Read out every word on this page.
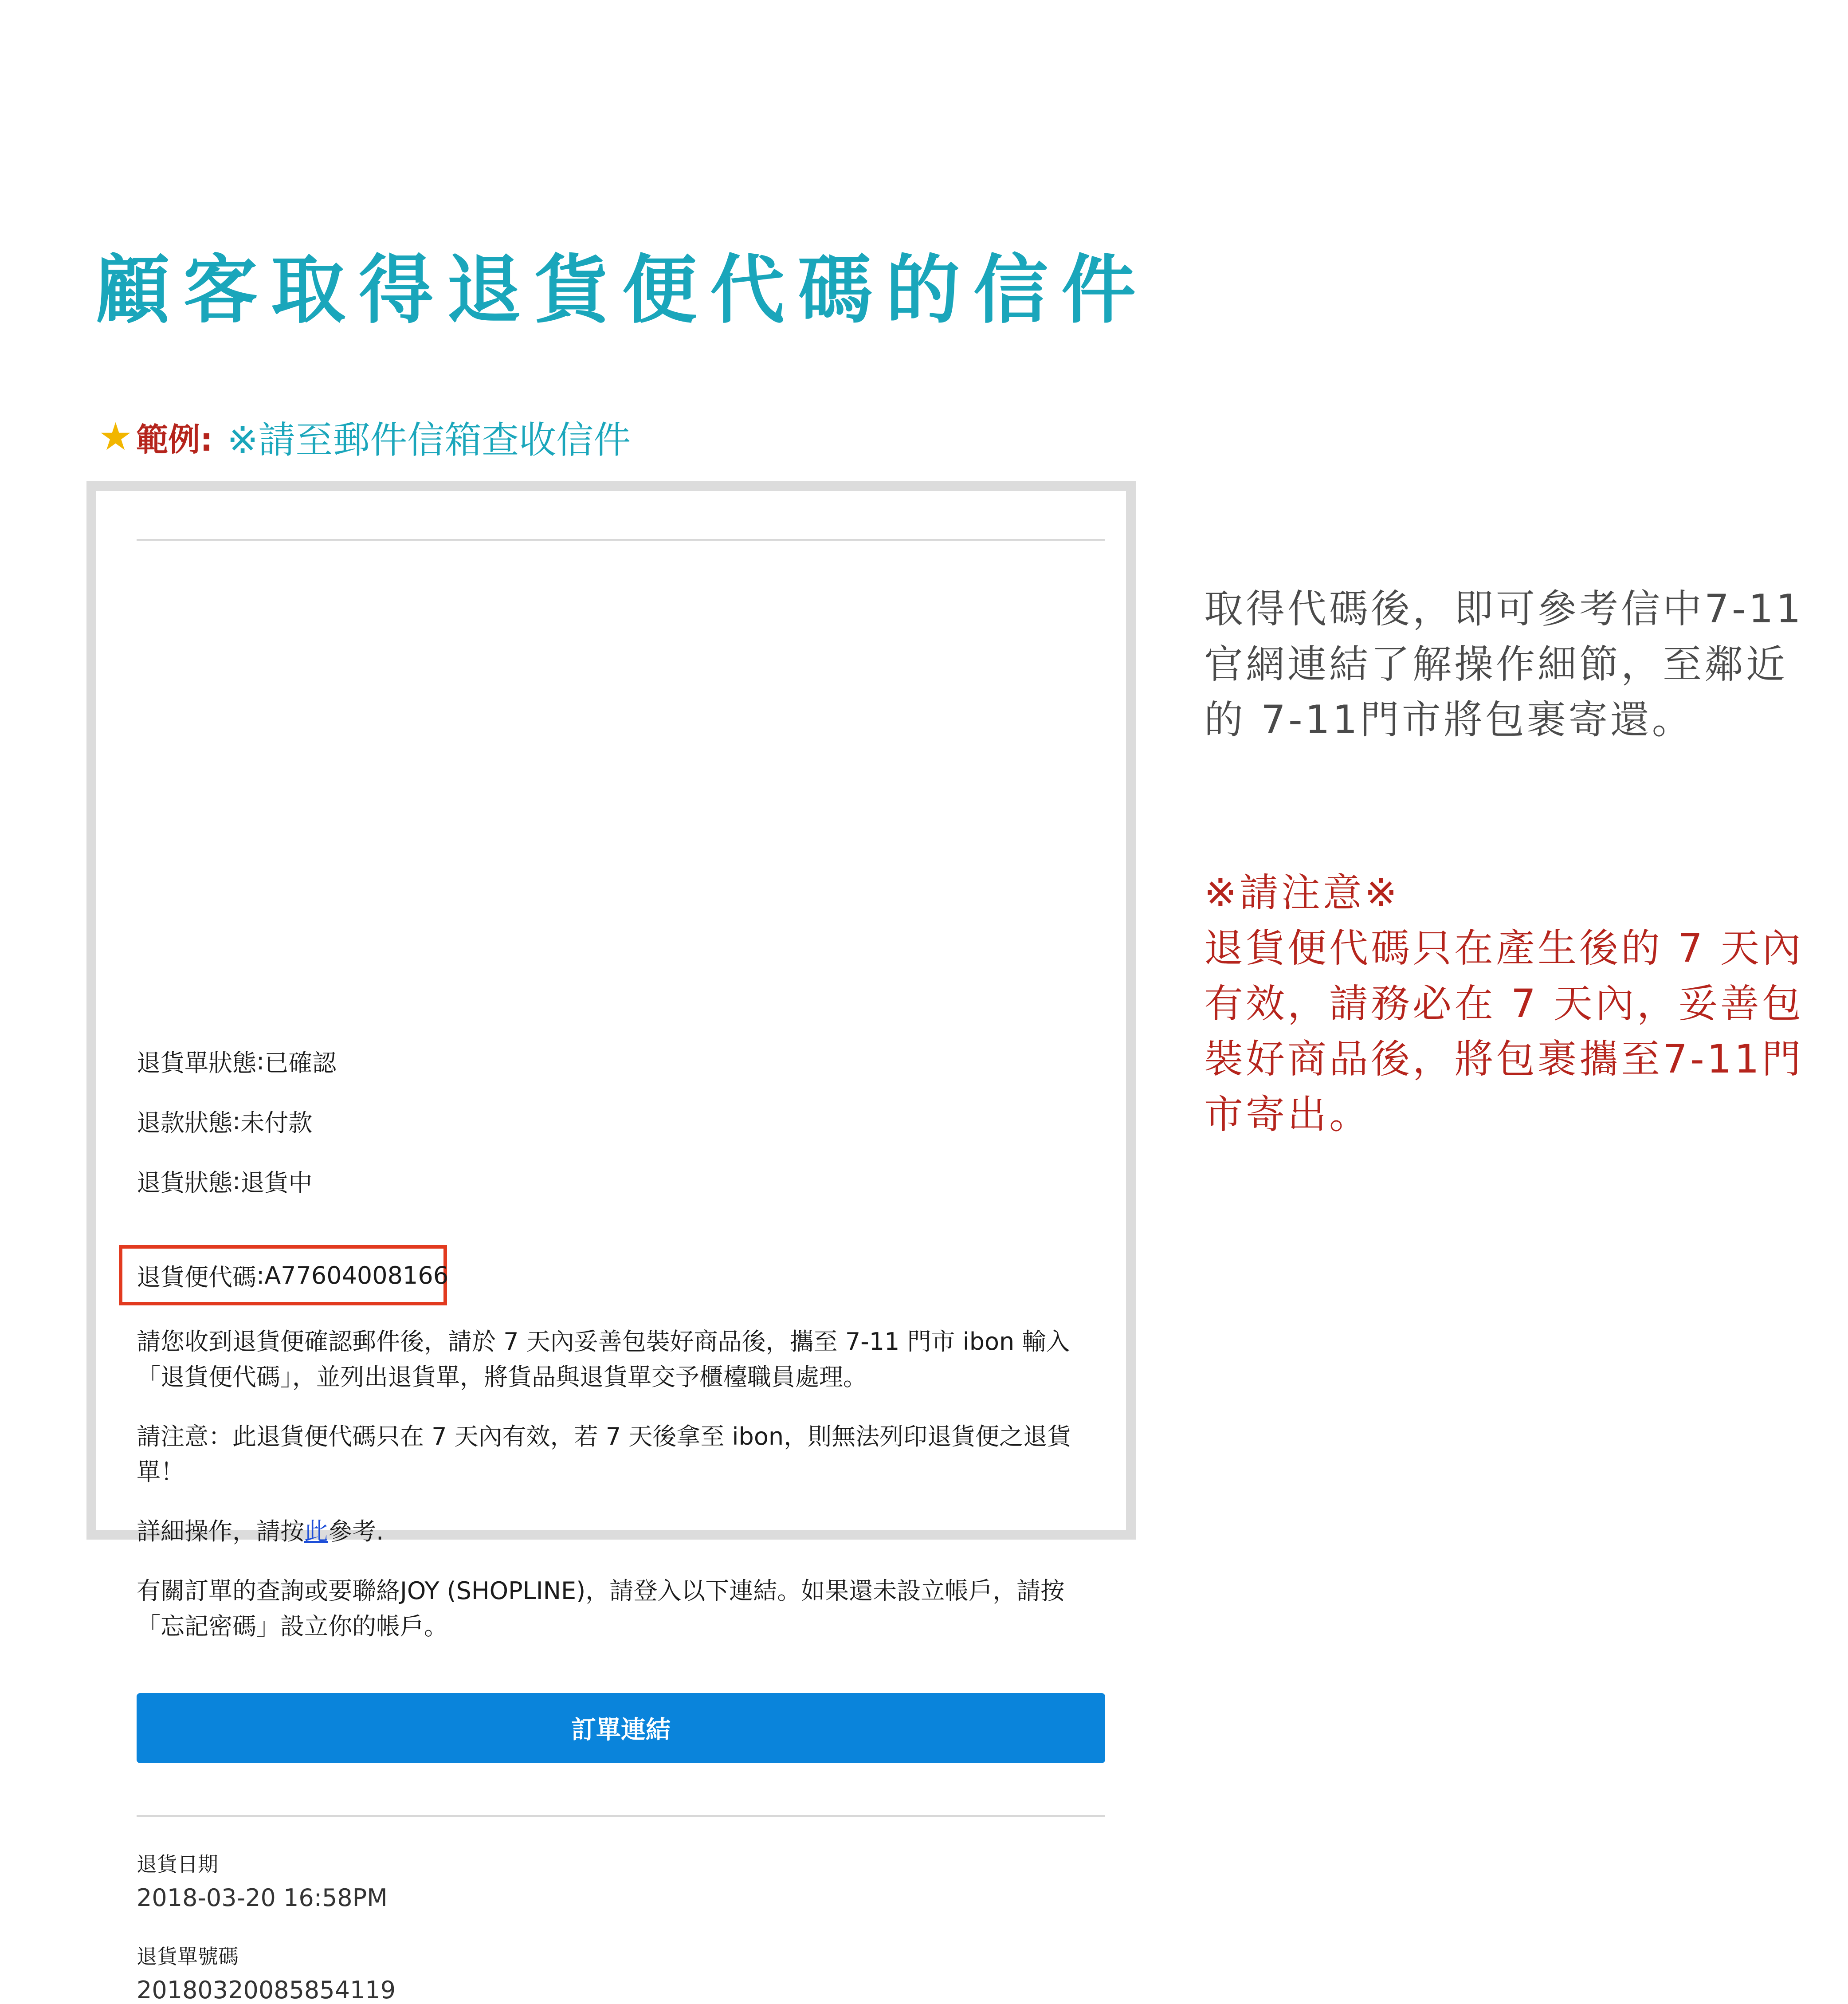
顧客取得退貨便代碼的信件
★ 範例: ※請至郵件信箱查收信件
退貨單狀態 : 已確認
退款狀態 : 未付款
退貨狀態 : 退貨中
退貨便代碼 : A77604008166

請您收到退貨便確認郵件後，請於 7 天內妥善包裝好商品後，攜至 7-11 門市 ibon 輸入「退貨便代碼」，並列出退貨單，將貨品與退貨單交予櫃檯職員處理。

請注意：此退貨便代碼只在 7 天內有效，若 7 天後拿至 ibon，則無法列印退貨便之退貨單！

詳細操作，請按此參考.

有關訂單的查詢或要聯絡JOY (SHOPLINE)，請登入以下連結。如果還未設立帳戶，請按「忘記密碼」設立你的帳戶。

訂單連結
退貨日期
2018-03-20 16:58PM
退貨單號碼
20180320085854119

取得代碼後，即可參考信中7-11官網連結了解操作細節，至鄰近的 7-11門市將包裹寄還。

※請注意※

退貨便代碼只在產生後的 7 天內有效，請務必在 7 天內，妥善包裝好商品後，將包裹攜至7-11門市寄出。
